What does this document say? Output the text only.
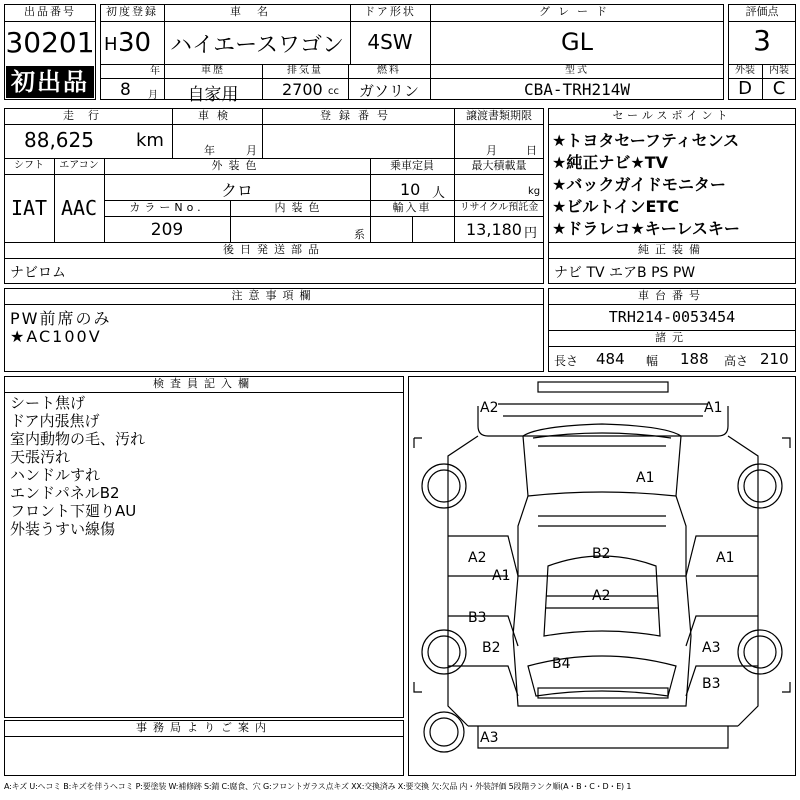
出品番号
30201
初出品
初度登録
H 30
年
8 月
車名
ハイエースワゴン
ドア形状
4SW
グレード
GL
車歴
自家用
排気量
2700 cc
燃料
ガソリン
型式
CBA-TRH214W
評価点
3
外装	内装
D	C
走行
88,625 km
車検
年	月
登録番号	譲渡書類期限
月	日
シフト
IAT
エアコン
AAC
外装色
クロ
乗車定員
10 人
最大積載量
kg
カラーNo.
209
内装色
系
輸入車	リサイクル預託金
13,180 円
後日発送部品
ナビロム
セールスポイント
★トヨタセーフティセンス
★純正ナビ★TV
★バックガイドモニター
★ビルトインETC
★ドラレコ★キーレスキー
純正装備
ナビ TV エアB PS PW
注意事項欄
PW前席のみ
★AC100V
車台番号
TRH214-0053454
諸元
長さ 484 幅 188 高さ 210
検査員記入欄
シート焦げ
ドア内張焦げ
室内動物の毛、汚れ
天張汚れ
ハンドルすれ
エンドパネルB2
フロント下廻りAU
外装うすい線傷
事務局よりご案内
A2	A1
A1
A2
A1
B2	A1
A2
B3
B2	A3
B4
B3
A3
A:キズ U:ヘコミ B:キズを伴うヘコミ P:要塗装 W:補修跡 S:錆 C:腐食、穴 G:フロントガラス点キズ XX:交換済み X:要交換 欠:欠品 内・外装評価 5段階ランク順(A・B・C・D・E) 1
